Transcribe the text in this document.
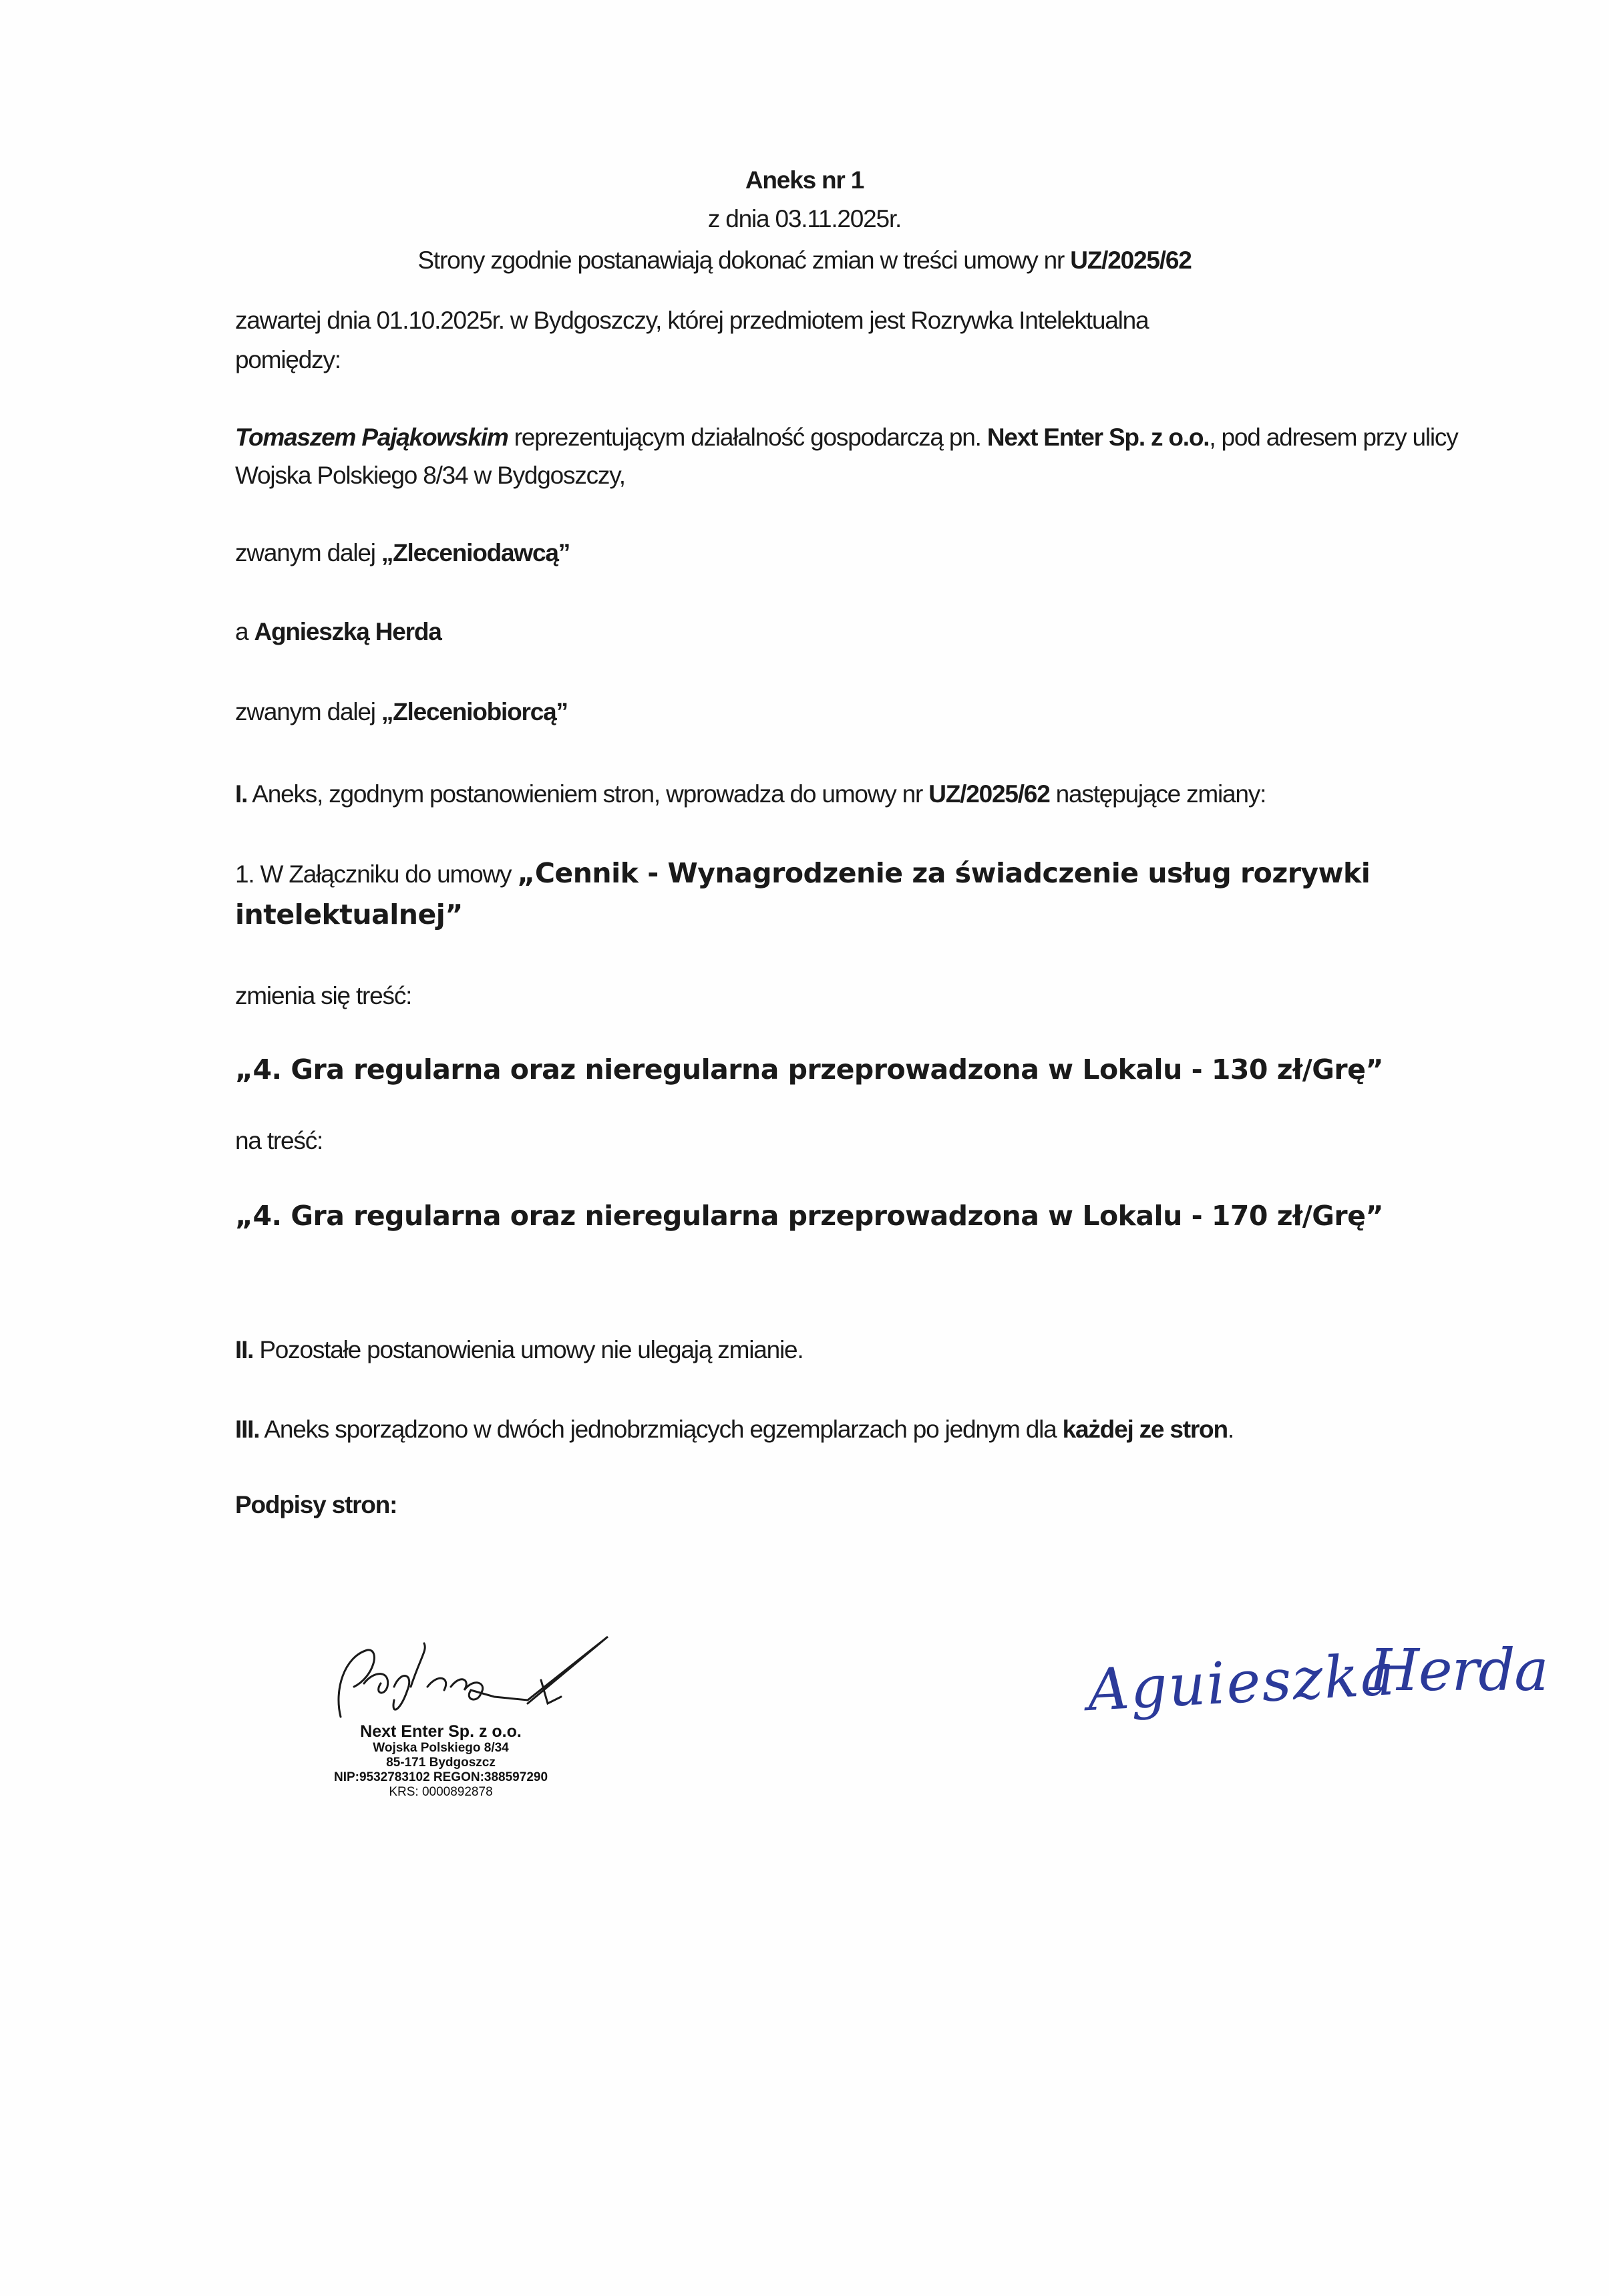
Aneks nr 1
z dnia 03.11.2025r.
Strony zgodnie postanawiają dokonać zmian w treści umowy nr UZ/2025/62
zawartej dnia 01.10.2025r. w Bydgoszczy, której przedmiotem jest Rozrywka Intelektualna
pomiędzy:
Tomaszem Pająkowskim reprezentującym działalność gospodarczą pn. Next Enter Sp. z o.o., pod adresem przy ulicy
Wojska Polskiego 8/34 w Bydgoszczy,
zwanym dalej „Zleceniodawcą”
a Agnieszką Herda
zwanym dalej „Zleceniobiorcą”
I. Aneks, zgodnym postanowieniem stron, wprowadza do umowy nr UZ/2025/62 następujące zmiany:
1. W Załączniku do umowy „Cennik - Wynagrodzenie za świadczenie usług rozrywki
intelektualnej”
zmienia się treść:
„4. Gra regularna oraz nieregularna przeprowadzona w Lokalu - 130 zł/Grę”
na treść:
„4. Gra regularna oraz nieregularna przeprowadzona w Lokalu - 170 zł/Grę”
II. Pozostałe postanowienia umowy nie ulegają zmianie.
III. Aneks sporządzono w dwóch jednobrzmiących egzemplarzach po jednym dla każdej ze stron.
Podpisy stron:
Next Enter Sp. z o.o.
Wojska Polskiego 8/34
85-171 Bydgoszcz
NIP:9532783102 REGON:388597290
KRS: 0000892878
Aguieszka
Herda
